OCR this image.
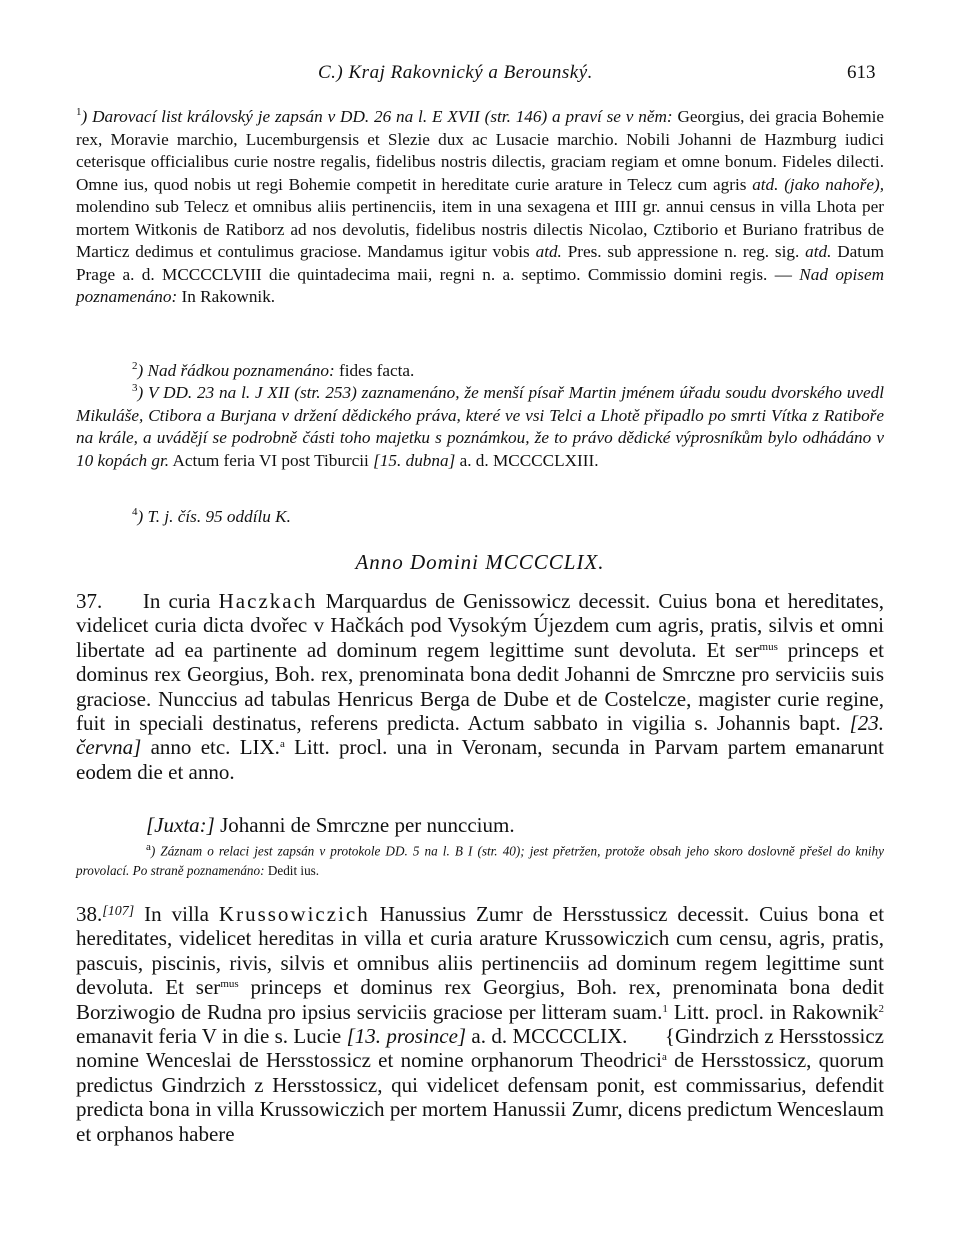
C.) Kraj Rakovnický a Berounský.	613
$^1$) Darovací list královský je zapsán v DD. 26 na l. E XVII (str. 146) a praví se v něm: Georgius, dei gracia Bohemie rex, Moravie marchio, Lucemburgensis et Slezie dux ac Lusacie marchio. Nobili Johanni de Hazmburg iudici ceterisque officialibus curie nostre regalis, fidelibus nostris dilectis, graciam regiam et omne bonum. Fideles dilecti. Omne ius, quod nobis ut regi Bohemie competit in hereditate curie arature in Telecz cum agris atd. (jako nahoře), molendino sub Telecz et omnibus aliis pertinenciis, item in una sexagena et IIII gr. annui census in villa Lhota per mortem Witkonis de Ratiborz ad nos devolutis, fidelibus nostris dilectis Nicolao, Cztiborio et Buriano fratribus de Marticz dedimus et contulimus graciose. Mandamus igitur vobis atd. Pres. sub appressione n. reg. sig. atd. Datum Prage a. d. MCCCCLVIII die quintadecima maii, regni n. a. septimo. Commissio domini regis. — Nad opisem poznamenáno: In Rakownik.
$^2$) Nad řádkou poznamenáno: fides facta.
$^3$) V DD. 23 na l. J XII (str. 253) zaznamenáno, že menší písař Martin jménem úřadu soudu dvorského uvedl Mikuláše, Ctibora a Burjana v držení dědického práva, které ve vsi Telci a Lhotě připadlo po smrti Vítka z Ratiboře na krále, a uvádějí se podrobně části toho majetku s poznámkou, že to právo dědické výprosníkům bylo odhádáno v 10 kopách gr. Actum feria VI post Tiburcii [15. dubna] a. d. MCCCCLXIII.
$^4$) T. j. čís. 95 oddílu K.
Anno Domini MCCCCLIX.
37. In curia Haczkach Marquardus de Genissowicz decessit. Cuius bona et hereditates, videlicet curia dicta dvořec v Hačkách pod Vysokým Újezdem cum agris, pratis, silvis et omni libertate ad ea partinente ad dominum regem legittime sunt devoluta. Et ser$^{mus}$ princeps et dominus rex Georgius, Boh. rex, prenominata bona dedit Johanni de Smrczne pro serviciis suis graciose. Nunccius ad tabulas Henricus Berga de Dube et de Costelcze, magister curie regine, fuit in speciali destinatus, referens predicta. Actum sabbato in vigilia s. Johannis bapt. [23. června] anno etc. LIX.$^a$ Litt. procl. una in Veronam, secunda in Parvam partem emanarunt eodem die et anno.
[Juxta:] Johanni de Smrczne per nunccium.
$^a$) Záznam o relaci jest zapsán v protokole DD. 5 na l. B I (str. 40); jest přetržen, protože obsah jeho skoro doslovně přešel do knihy provolací. Po straně poznamenáno: Dedit ius.
38.[107] In villa Krussowiczich Hanussius Zumr de Hersstussicz decessit. Cuius bona et hereditates, videlicet hereditas in villa et curia arature Krussowiczich cum censu, agris, pratis, pascuis, piscinis, rivis, silvis et omnibus aliis pertinenciis ad dominum regem legittime sunt devoluta. Et ser$^{mus}$ princeps et dominus rex Georgius, Boh. rex, prenominata bona dedit Borziwogio de Rudna pro ipsius serviciis graciose per litteram suam.$^1$ Litt. procl. in Rakownik$^2$ emanavit feria V in die s. Lucie [13. prosince] a. d. MCCCCLIX. {Gindrzich z Hersstossicz nomine Wenceslai de Hersstossicz et nomine orphanorum Theodrici$^a$ de Hersstossicz, quorum predictus Gindrzich z Hersstossicz, qui videlicet defensam ponit, est commissarius, defendit predicta bona in villa Krussowiczich per mortem Hanussii Zumr, dicens predictum Wenceslaum et orphanos habere
